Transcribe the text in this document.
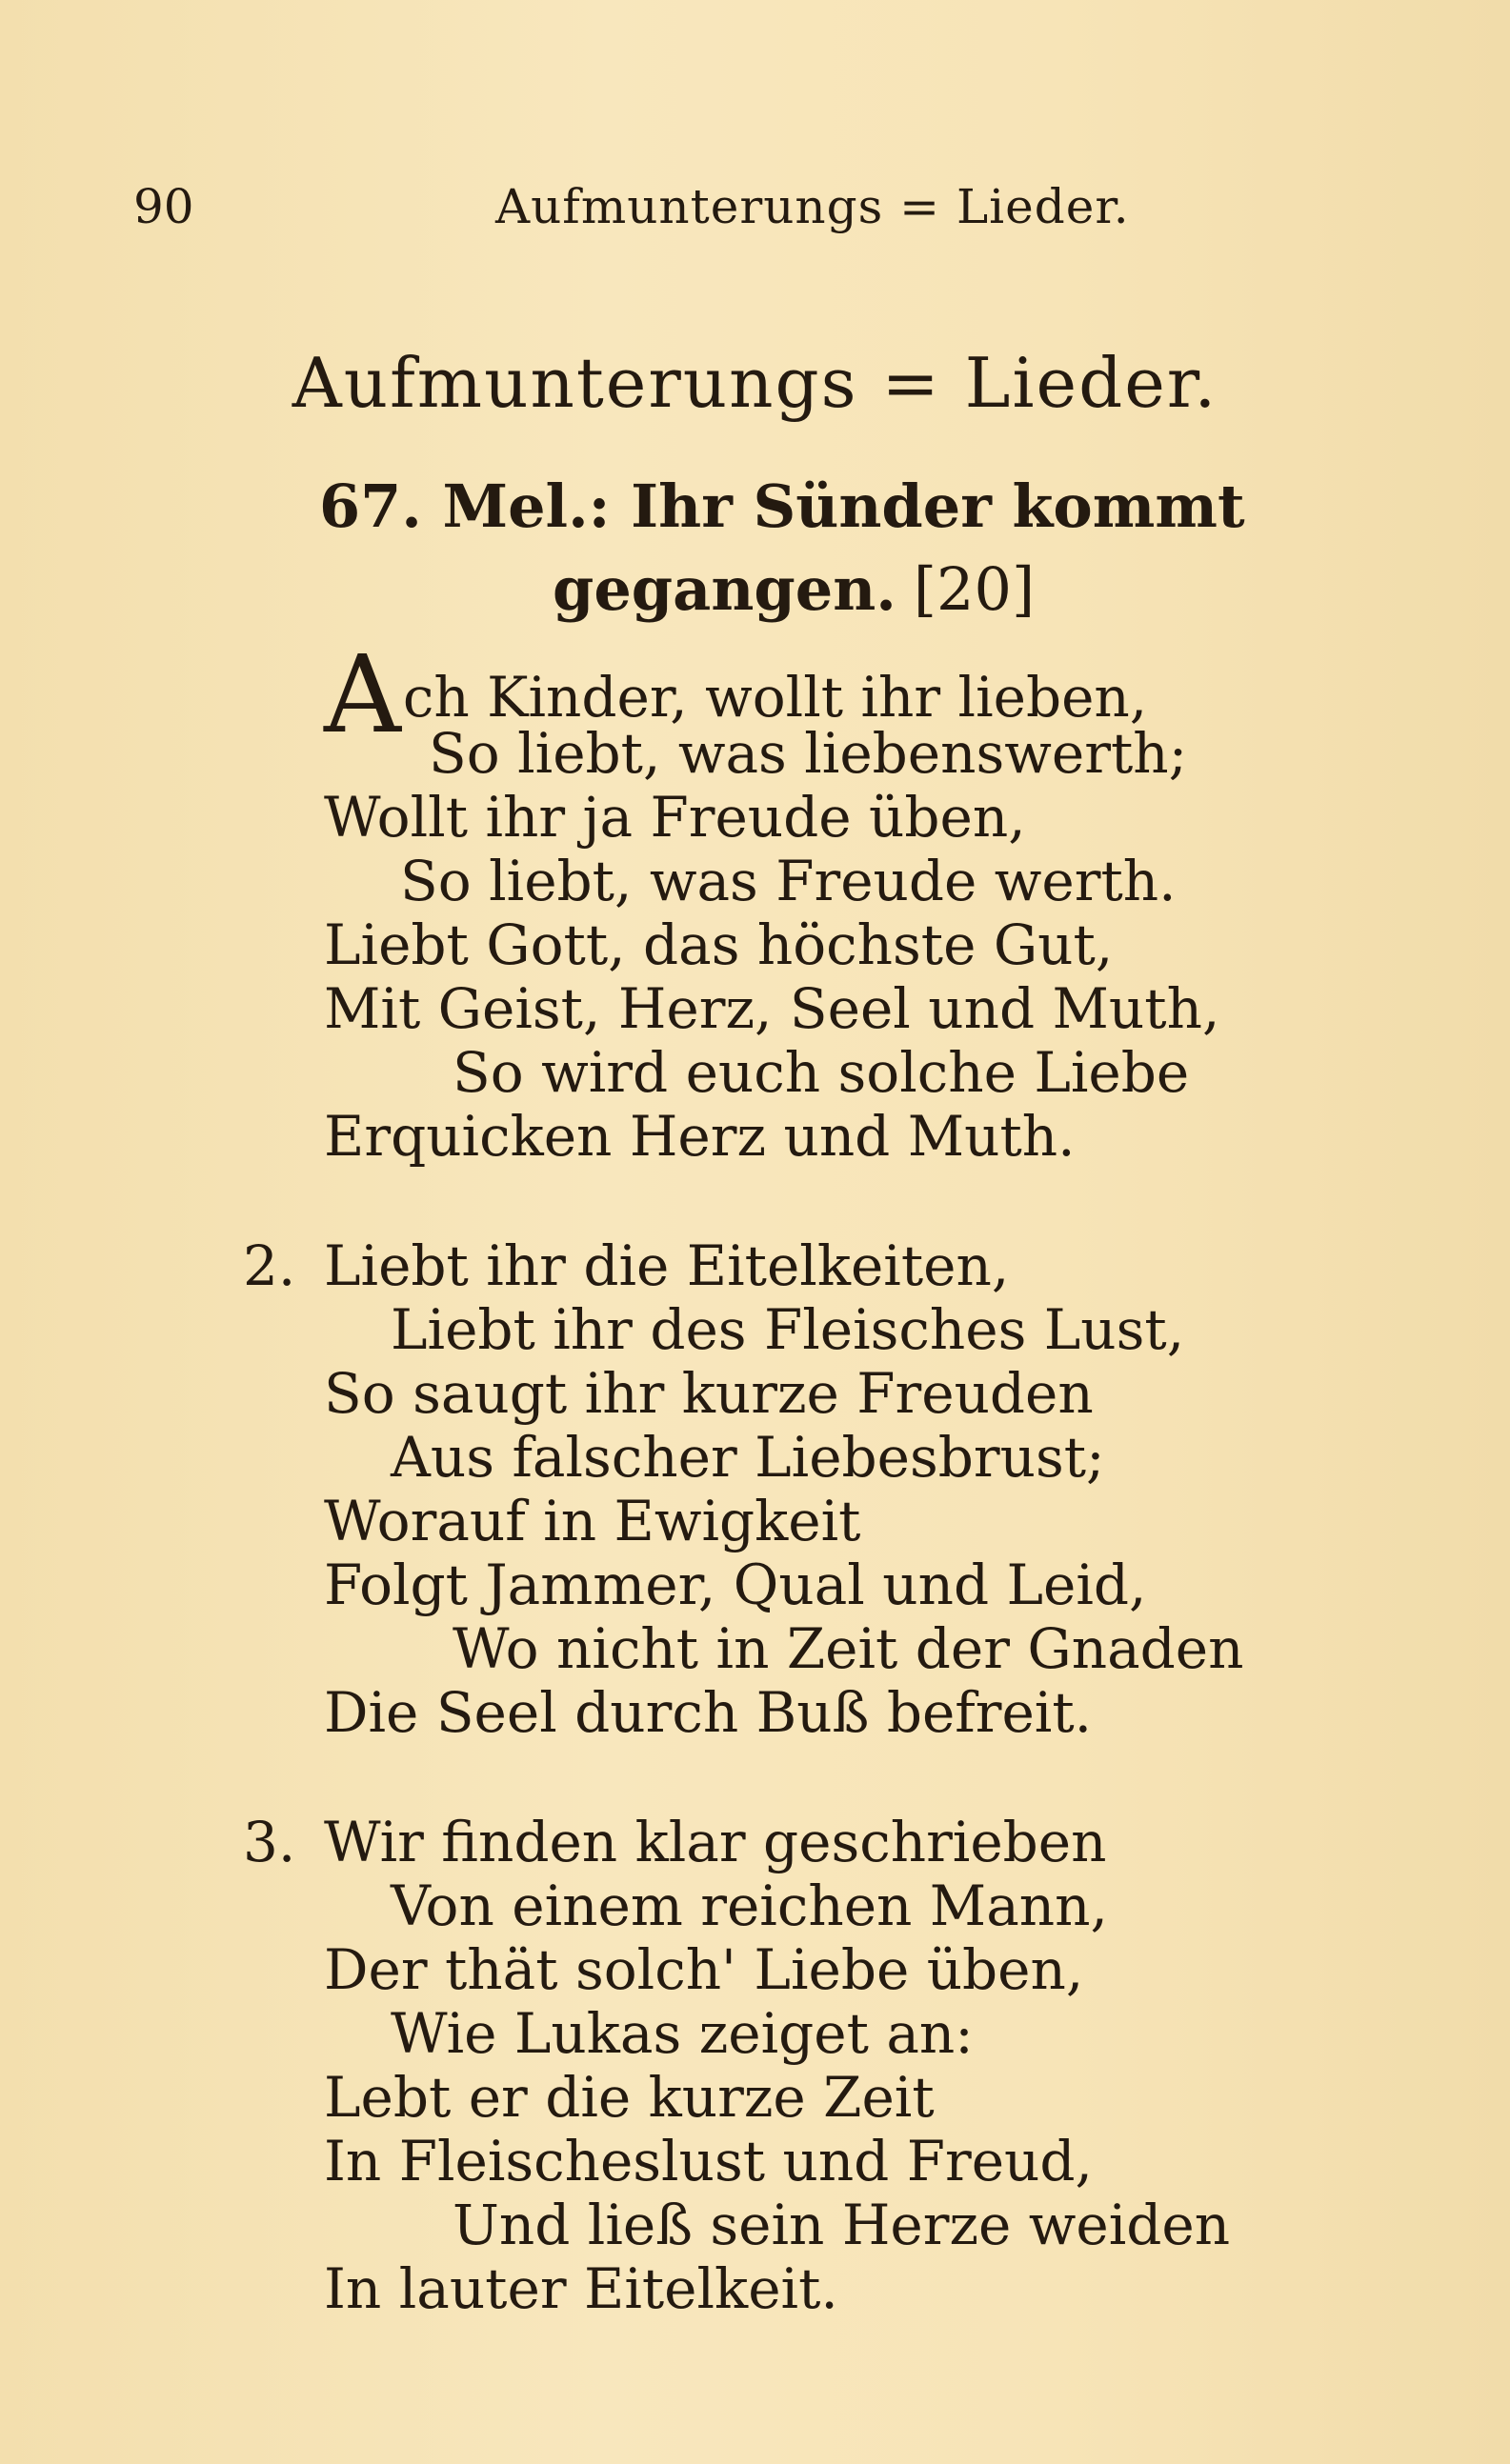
90	Aufmunterungs = Lieder.
Aufmunterungs = Lieder.
67. Mel.: Ihr Sünder kommt
gegangen. [20]
Ach Kinder, wollt ihr lieben,
So liebt, was liebenswerth;
Wollt ihr ja Freude üben,
So liebt, was Freude werth.
Liebt Gott, das höchste Gut,
Mit Geist, Herz, Seel und Muth,
So wird euch solche Liebe
Erquicken Herz und Muth.
2. Liebt ihr die Eitelkeiten,
Liebt ihr des Fleisches Lust,
So saugt ihr kurze Freuden
Aus falscher Liebesbrust;
Worauf in Ewigkeit
Folgt Jammer, Qual und Leid,
Wo nicht in Zeit der Gnaden
Die Seel durch Buß befreit.
3. Wir finden klar geschrieben
Von einem reichen Mann,
Der thät solch' Liebe üben,
Wie Lukas zeiget an:
Lebt er die kurze Zeit
In Fleischeslust und Freud,
Und ließ sein Herze weiden
In lauter Eitelkeit.
